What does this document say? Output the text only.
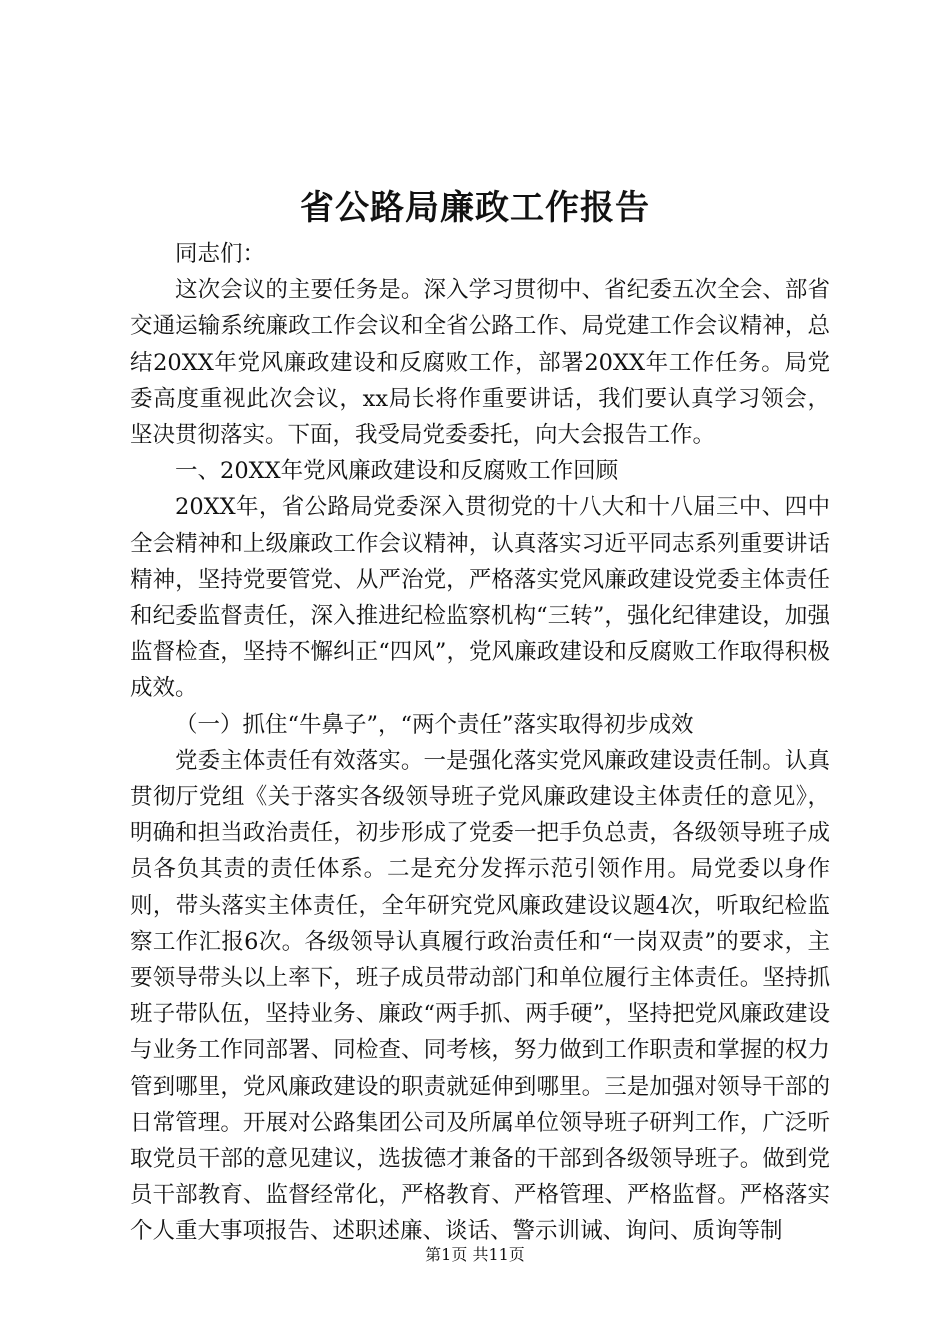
省公路局廉政工作报告

同志们：

这次会议的主要任务是。深入学习贯彻中、省纪委五次全会、部省交通运输系统廉政工作会议和全省公路工作、局党建工作会议精神，总结20XX年党风廉政建设和反腐败工作，部署20XX年工作任务。局党委高度重视此次会议，xx局长将作重要讲话，我们要认真学习领会，坚决贯彻落实。下面，我受局党委委托，向大会报告工作。

一、20XX年党风廉政建设和反腐败工作回顾

20XX年，省公路局党委深入贯彻党的十八大和十八届三中、四中全会精神和上级廉政工作会议精神，认真落实习近平同志系列重要讲话精神，坚持党要管党、从严治党，严格落实党风廉政建设党委主体责任和纪委监督责任，深入推进纪检监察机构“三转”，强化纪律建设，加强监督检查，坚持不懈纠正“四风”，党风廉政建设和反腐败工作取得积极成效。

（一）抓住“牛鼻子”，“两个责任”落实取得初步成效

党委主体责任有效落实。一是强化落实党风廉政建设责任制。认真贯彻厅党组《关于落实各级领导班子党风廉政建设主体责任的意见》，明确和担当政治责任，初步形成了党委一把手负总责，各级领导班子成员各负其责的责任体系。二是充分发挥示范引领作用。局党委以身作则，带头落实主体责任，全年研究党风廉政建设议题4次，听取纪检监察工作汇报6次。各级领导认真履行政治责任和“一岗双责”的要求，主要领导带头以上率下，班子成员带动部门和单位履行主体责任。坚持抓班子带队伍，坚持业务、廉政“两手抓、两手硬”，坚持把党风廉政建设与业务工作同部署、同检查、同考核，努力做到工作职责和掌握的权力管到哪里，党风廉政建设的职责就延伸到哪里。三是加强对领导干部的日常管理。开展对公路集团公司及所属单位领导班子研判工作，广泛听取党员干部的意见建议，选拔德才兼备的干部到各级领导班子。做到党员干部教育、监督经常化，严格教育、严格管理、严格监督。严格落实个人重大事项报告、述职述廉、谈话、警示训诫、询问、质询等制

第1页 共11页
